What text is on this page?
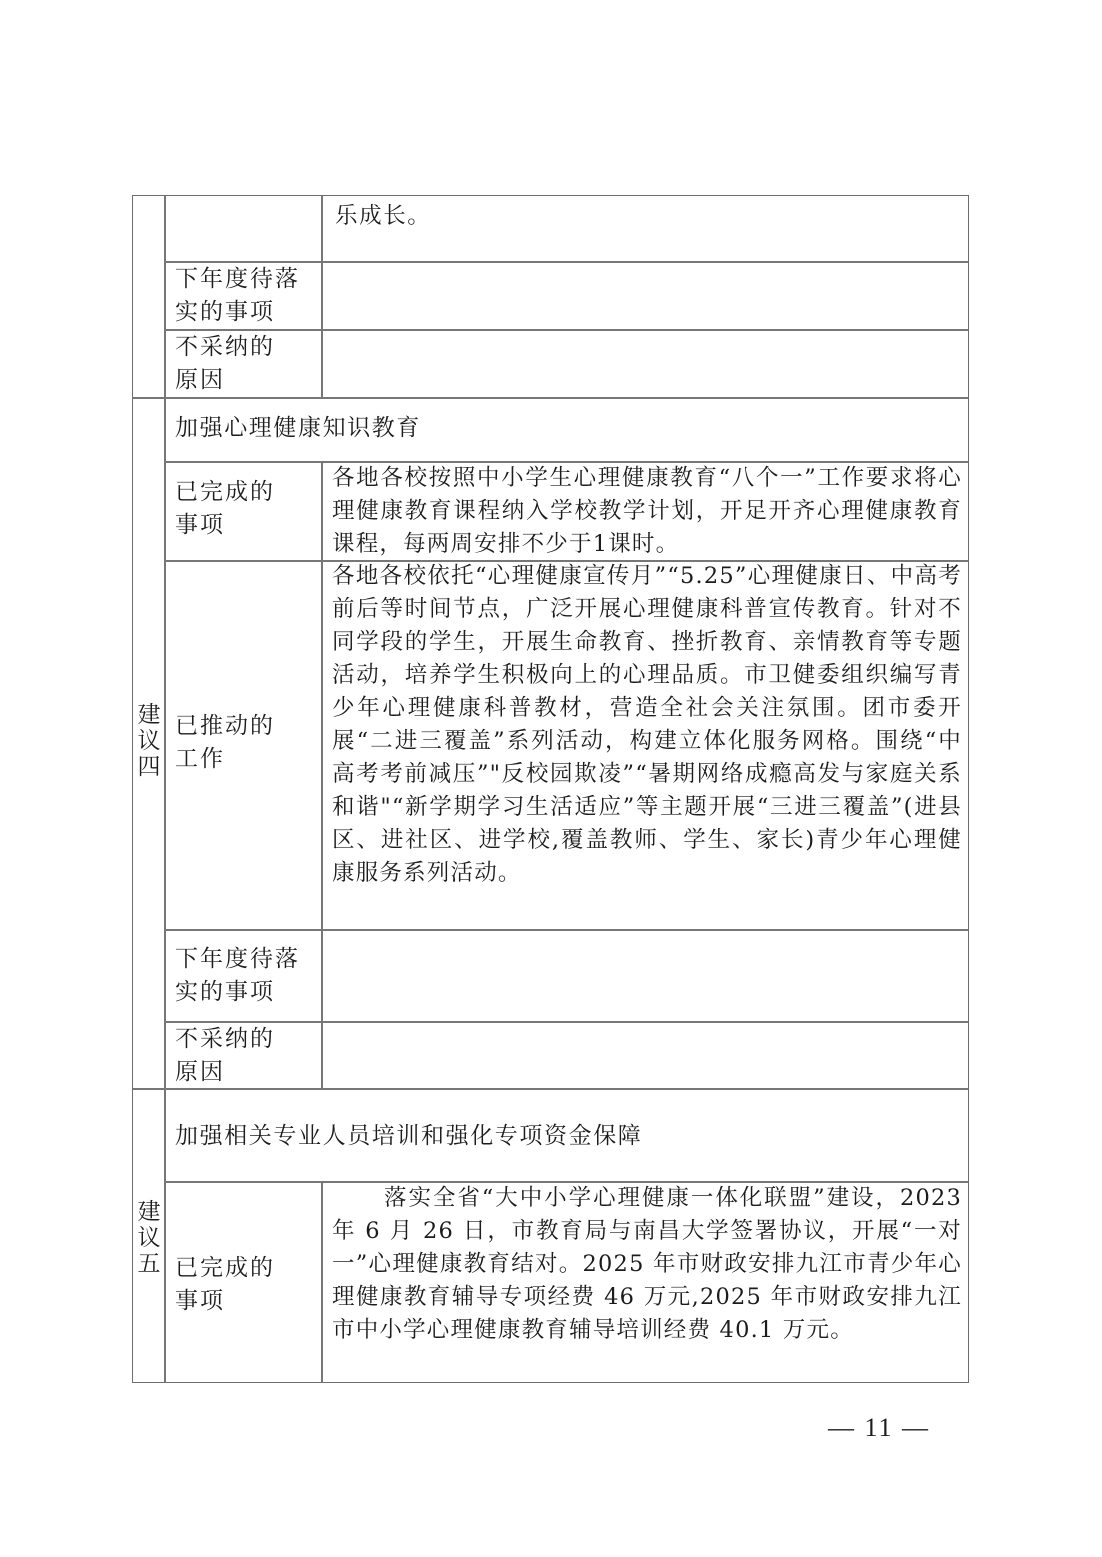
乐成长。
下年度待落实的事项
不采纳的原因
建议四
加强心理健康知识教育
已完成的事项
各地各校按照中小学生心理健康教育“八个一”工作要求将心理健康教育课程纳入学校教学计划，开足开齐心理健康教育课程，每两周安排不少于1课时。
已推动的工作
各地各校依托“心理健康宣传月”“5.25”心理健康日、中高考前后等时间节点，广泛开展心理健康科普宣传教育。针对不同学段的学生，开展生命教育、挫折教育、亲情教育等专题活动，培养学生积极向上的心理品质。市卫健委组织编写青少年心理健康科普教材，营造全社会关注氛围。团市委开展“二进三覆盖”系列活动，构建立体化服务网格。围绕“中高考考前减压”"反校园欺凌”“暑期网络成瘾高发与家庭关系和谐"“新学期学习生活适应”等主题开展“三进三覆盖”(进县区、进社区、进学校,覆盖教师、学生、家长)青少年心理健康服务系列活动。
下年度待落实的事项
不采纳的原因
建议五
加强相关专业人员培训和强化专项资金保障
已完成的事项
落实全省“大中小学心理健康一体化联盟”建设，2023 年 6 月 26 日，市教育局与南昌大学签署协议，开展“一对一”心理健康教育结对。2025 年市财政安排九江市青少年心理健康教育辅导专项经费 46 万元,2025 年市财政安排九江市中小学心理健康教育辅导培训经费 40.1 万元。
— 11 —
